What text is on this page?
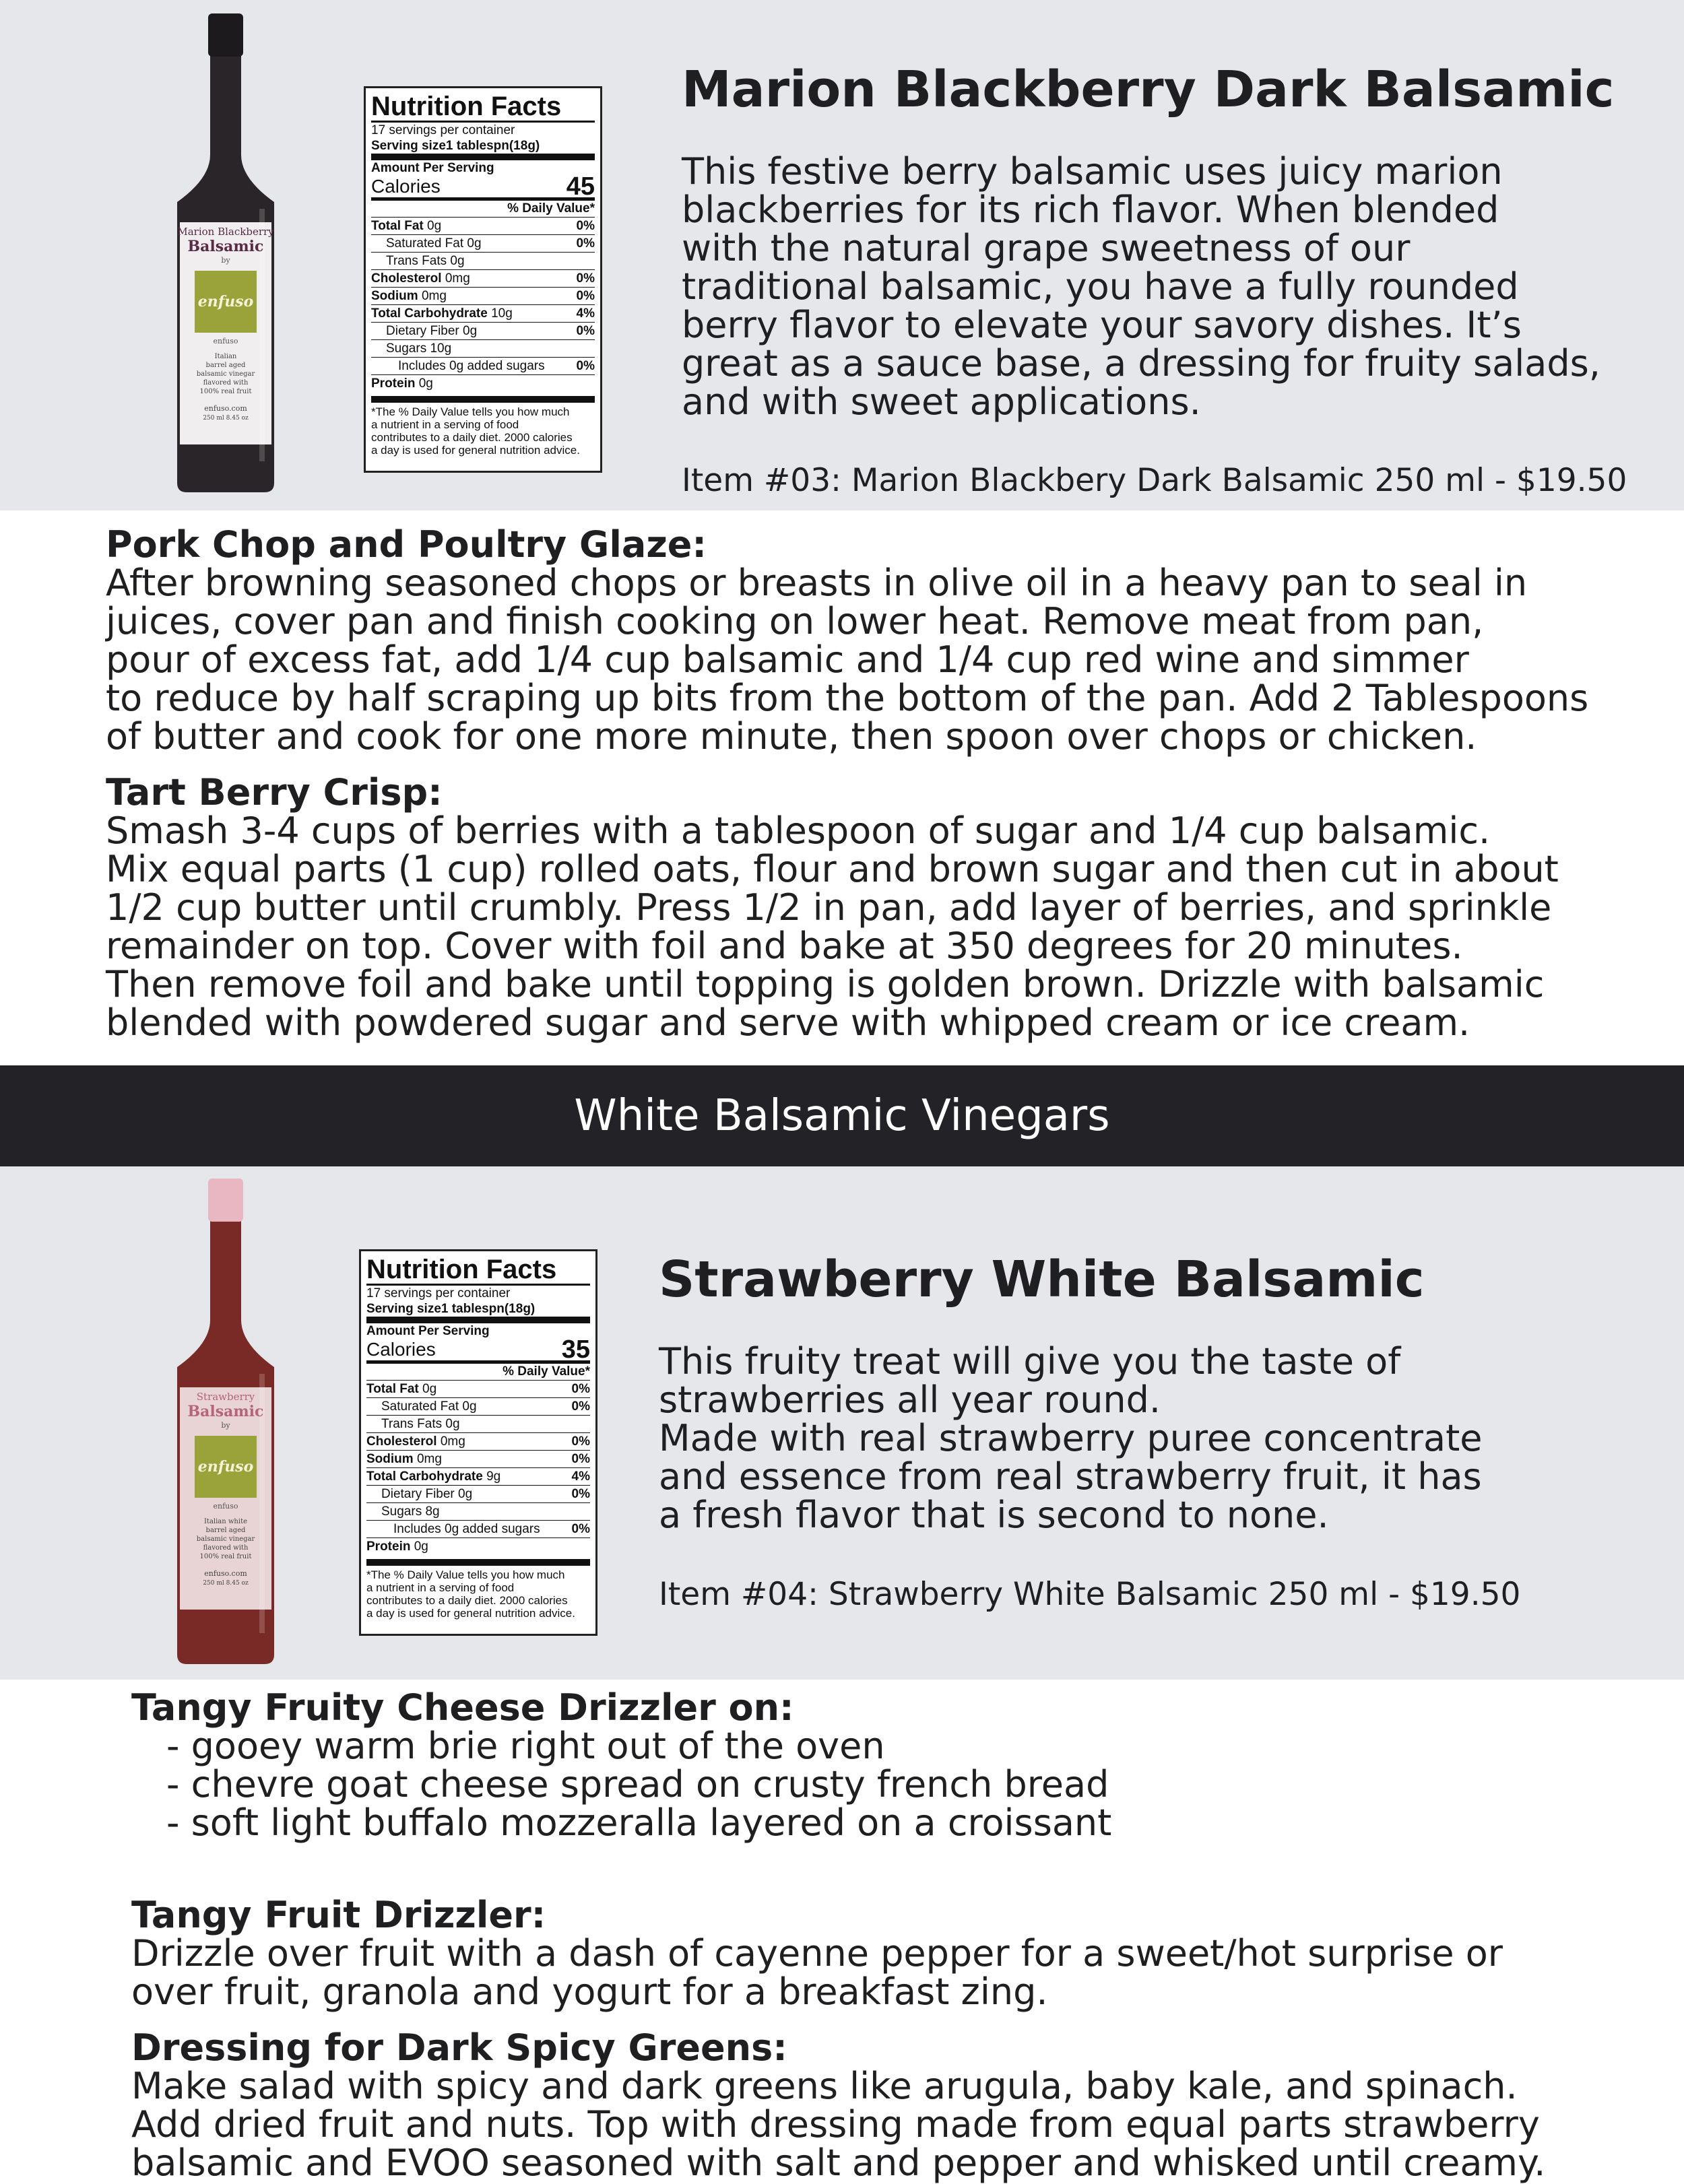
Marion Blackberry
Balsamic
by
enfuso
enfuso
Italian
barrel aged
balsamic vinegar
flavored with
100% real fruit
enfuso.com
250 ml 8.45 oz
Nutrition Facts
17 servings per container
Serving size1 tablespn(18g)
Amount Per Serving
Calories	45
% Daily Value*
Total Fat 0g	0%
Saturated Fat 0g	0%
Trans Fats 0g
Cholesterol 0mg	0%
Sodium 0mg	0%
Total Carbohydrate 10g	4%
Dietary Fiber 0g	0%
Sugars 10g
Includes 0g added sugars 0%
Protein 0g
*The % Daily Value tells you how much
a nutrient in a serving of food
contributes to a daily diet. 2000 calories
a day is used for general nutrition advice.
Marion Blackberry Dark Balsamic
This festive berry balsamic uses juicy marion
blackberries for its rich flavor. When blended
with the natural grape sweetness of our
traditional balsamic, you have a fully rounded
berry flavor to elevate your savory dishes. It’s
great as a sauce base, a dressing for fruity salads,
and with sweet applications.
Item #03: Marion Blackbery Dark Balsamic 250 ml - $19.50
Pork Chop and Poultry Glaze:
After browning seasoned chops or breasts in olive oil in a heavy pan to seal in
juices, cover pan and finish cooking on lower heat. Remove meat from pan,
pour of excess fat, add 1/4 cup balsamic and 1/4 cup red wine and simmer
to reduce by half scraping up bits from the bottom of the pan. Add 2 Tablespoons
of butter and cook for one more minute, then spoon over chops or chicken.
Tart Berry Crisp:
Smash 3-4 cups of berries with a tablespoon of sugar and 1/4 cup balsamic.
Mix equal parts (1 cup) rolled oats, flour and brown sugar and then cut in about
1/2 cup butter until crumbly. Press 1/2 in pan, add layer of berries, and sprinkle
remainder on top. Cover with foil and bake at 350 degrees for 20 minutes.
Then remove foil and bake until topping is golden brown. Drizzle with balsamic
blended with powdered sugar and serve with whipped cream or ice cream.
White Balsamic Vinegars
Strawberry
Balsamic
by
enfuso
enfuso
Italian white
barrel aged
balsamic vinegar
flavored with
100% real fruit
enfuso.com
250 ml 8.45 oz
Nutrition Facts
17 servings per container
Serving size1 tablespn(18g)
Amount Per Serving
Calories	35
% Daily Value*
Total Fat 0g	0%
Saturated Fat 0g	0%
Trans Fats 0g
Cholesterol 0mg	0%
Sodium 0mg	0%
Total Carbohydrate 9g	4%
Dietary Fiber 0g	0%
Sugars 8g
Includes 0g added sugars 0%
Protein 0g
*The % Daily Value tells you how much
a nutrient in a serving of food
contributes to a daily diet. 2000 calories
a day is used for general nutrition advice.
Strawberry White Balsamic
This fruity treat will give you the taste of
strawberries all year round.
Made with real strawberry puree concentrate
and essence from real strawberry fruit, it has
a fresh flavor that is second to none.
Item #04: Strawberry White Balsamic 250 ml - $19.50
Tangy Fruity Cheese Drizzler on:
- gooey warm brie right out of the oven
- chevre goat cheese spread on crusty french bread
- soft light buffalo mozzeralla layered on a croissant
Tangy Fruit Drizzler:
Drizzle over fruit with a dash of cayenne pepper for a sweet/hot surprise or
over fruit, granola and yogurt for a breakfast zing.
Dressing for Dark Spicy Greens:
Make salad with spicy and dark greens like arugula, baby kale, and spinach.
Add dried fruit and nuts. Top with dressing made from equal parts strawberry
balsamic and EVOO seasoned with salt and pepper and whisked until creamy.
